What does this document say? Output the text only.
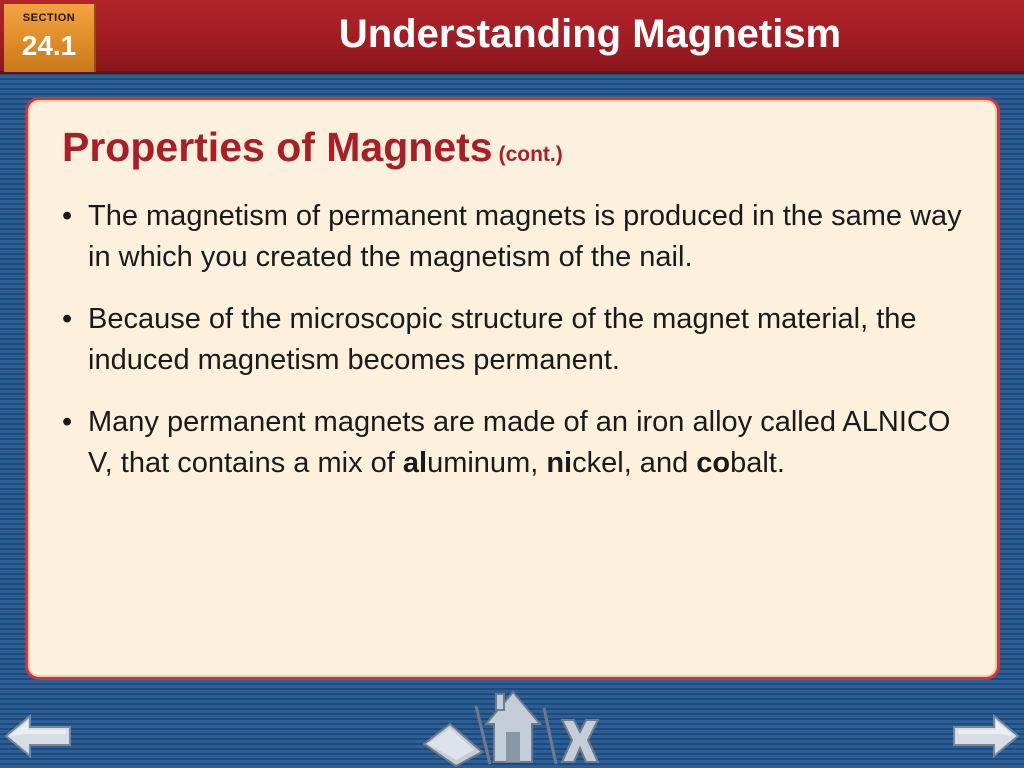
SECTION
24.1	Understanding Magnetism
Properties of Magnets (cont.)
• The magnetism of permanent magnets is produced in the same way in which you created the magnetism of the nail.
• Because of the microscopic structure of the magnet material, the induced magnetism becomes permanent.
• Many permanent magnets are made of an iron alloy called ALNICO V, that contains a mix of aluminum, nickel, and cobalt.
